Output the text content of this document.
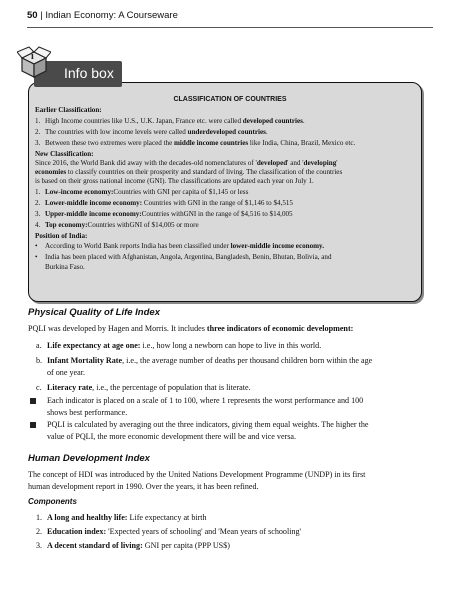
50 | Indian Economy: A Courseware
Info box
i
CLASSIFICATION OF COUNTRIES
Earlier Classification:
1. High Income countries like U.S., U.K. Japan, France etc. were called developed countries.
2. The countries with low income levels were called underdeveloped countries.
3. Between these two extremes were placed the middle income countries like India, China, Brazil, Mexico etc.
New Classification:
Since 2016, the World Bank did away with the decades-old nomenclatures of 'developed' and 'developing'
economies to classify countries on their prosperity and standard of living. The classification of the countries
is based on their gross national income (GNI). The classifications are updated each year on July 1.
1. Low-income economy:Countries with GNI per capita of $1,145 or less
2. Lower-middle income economy: Countries with GNI in the range of $1,146 to $4,515
3. Upper-middle income economy:Countries withGNI in the range of $4,516 to $14,005
4. Top economy:Countries withGNI of $14,005 or more
Position of India:
• According to World Bank reports India has been classified under lower-middle income economy.
• India has been placed with Afghanistan, Angola, Argentina, Bangladesh, Benin, Bhutan, Bolivia, and
Burkina Faso.
Physical Quality of Life Index
PQLI was developed by Hagen and Morris. It includes three indicators of economic development:
a. Life expectancy at age one: i.e., how long a newborn can hope to live in this world.
b. Infant Mortality Rate, i.e., the average number of deaths per thousand children born within the age
of one year.
c. Literacy rate, i.e., the percentage of population that is literate.
Each indicator is placed on a scale of 1 to 100, where 1 represents the worst performance and 100
shows best performance.
PQLI is calculated by averaging out the three indicators, giving them equal weights. The higher the
value of PQLI, the more economic development there will be and vice versa.
Human Development Index
The concept of HDI was introduced by the United Nations Development Programme (UNDP) in its first
human development report in 1990. Over the years, it has been refined.
Components
1. A long and healthy life: Life expectancy at birth
2. Education index: 'Expected years of schooling' and 'Mean years of schooling'
3. A decent standard of living: GNI per capita (PPP US$)
